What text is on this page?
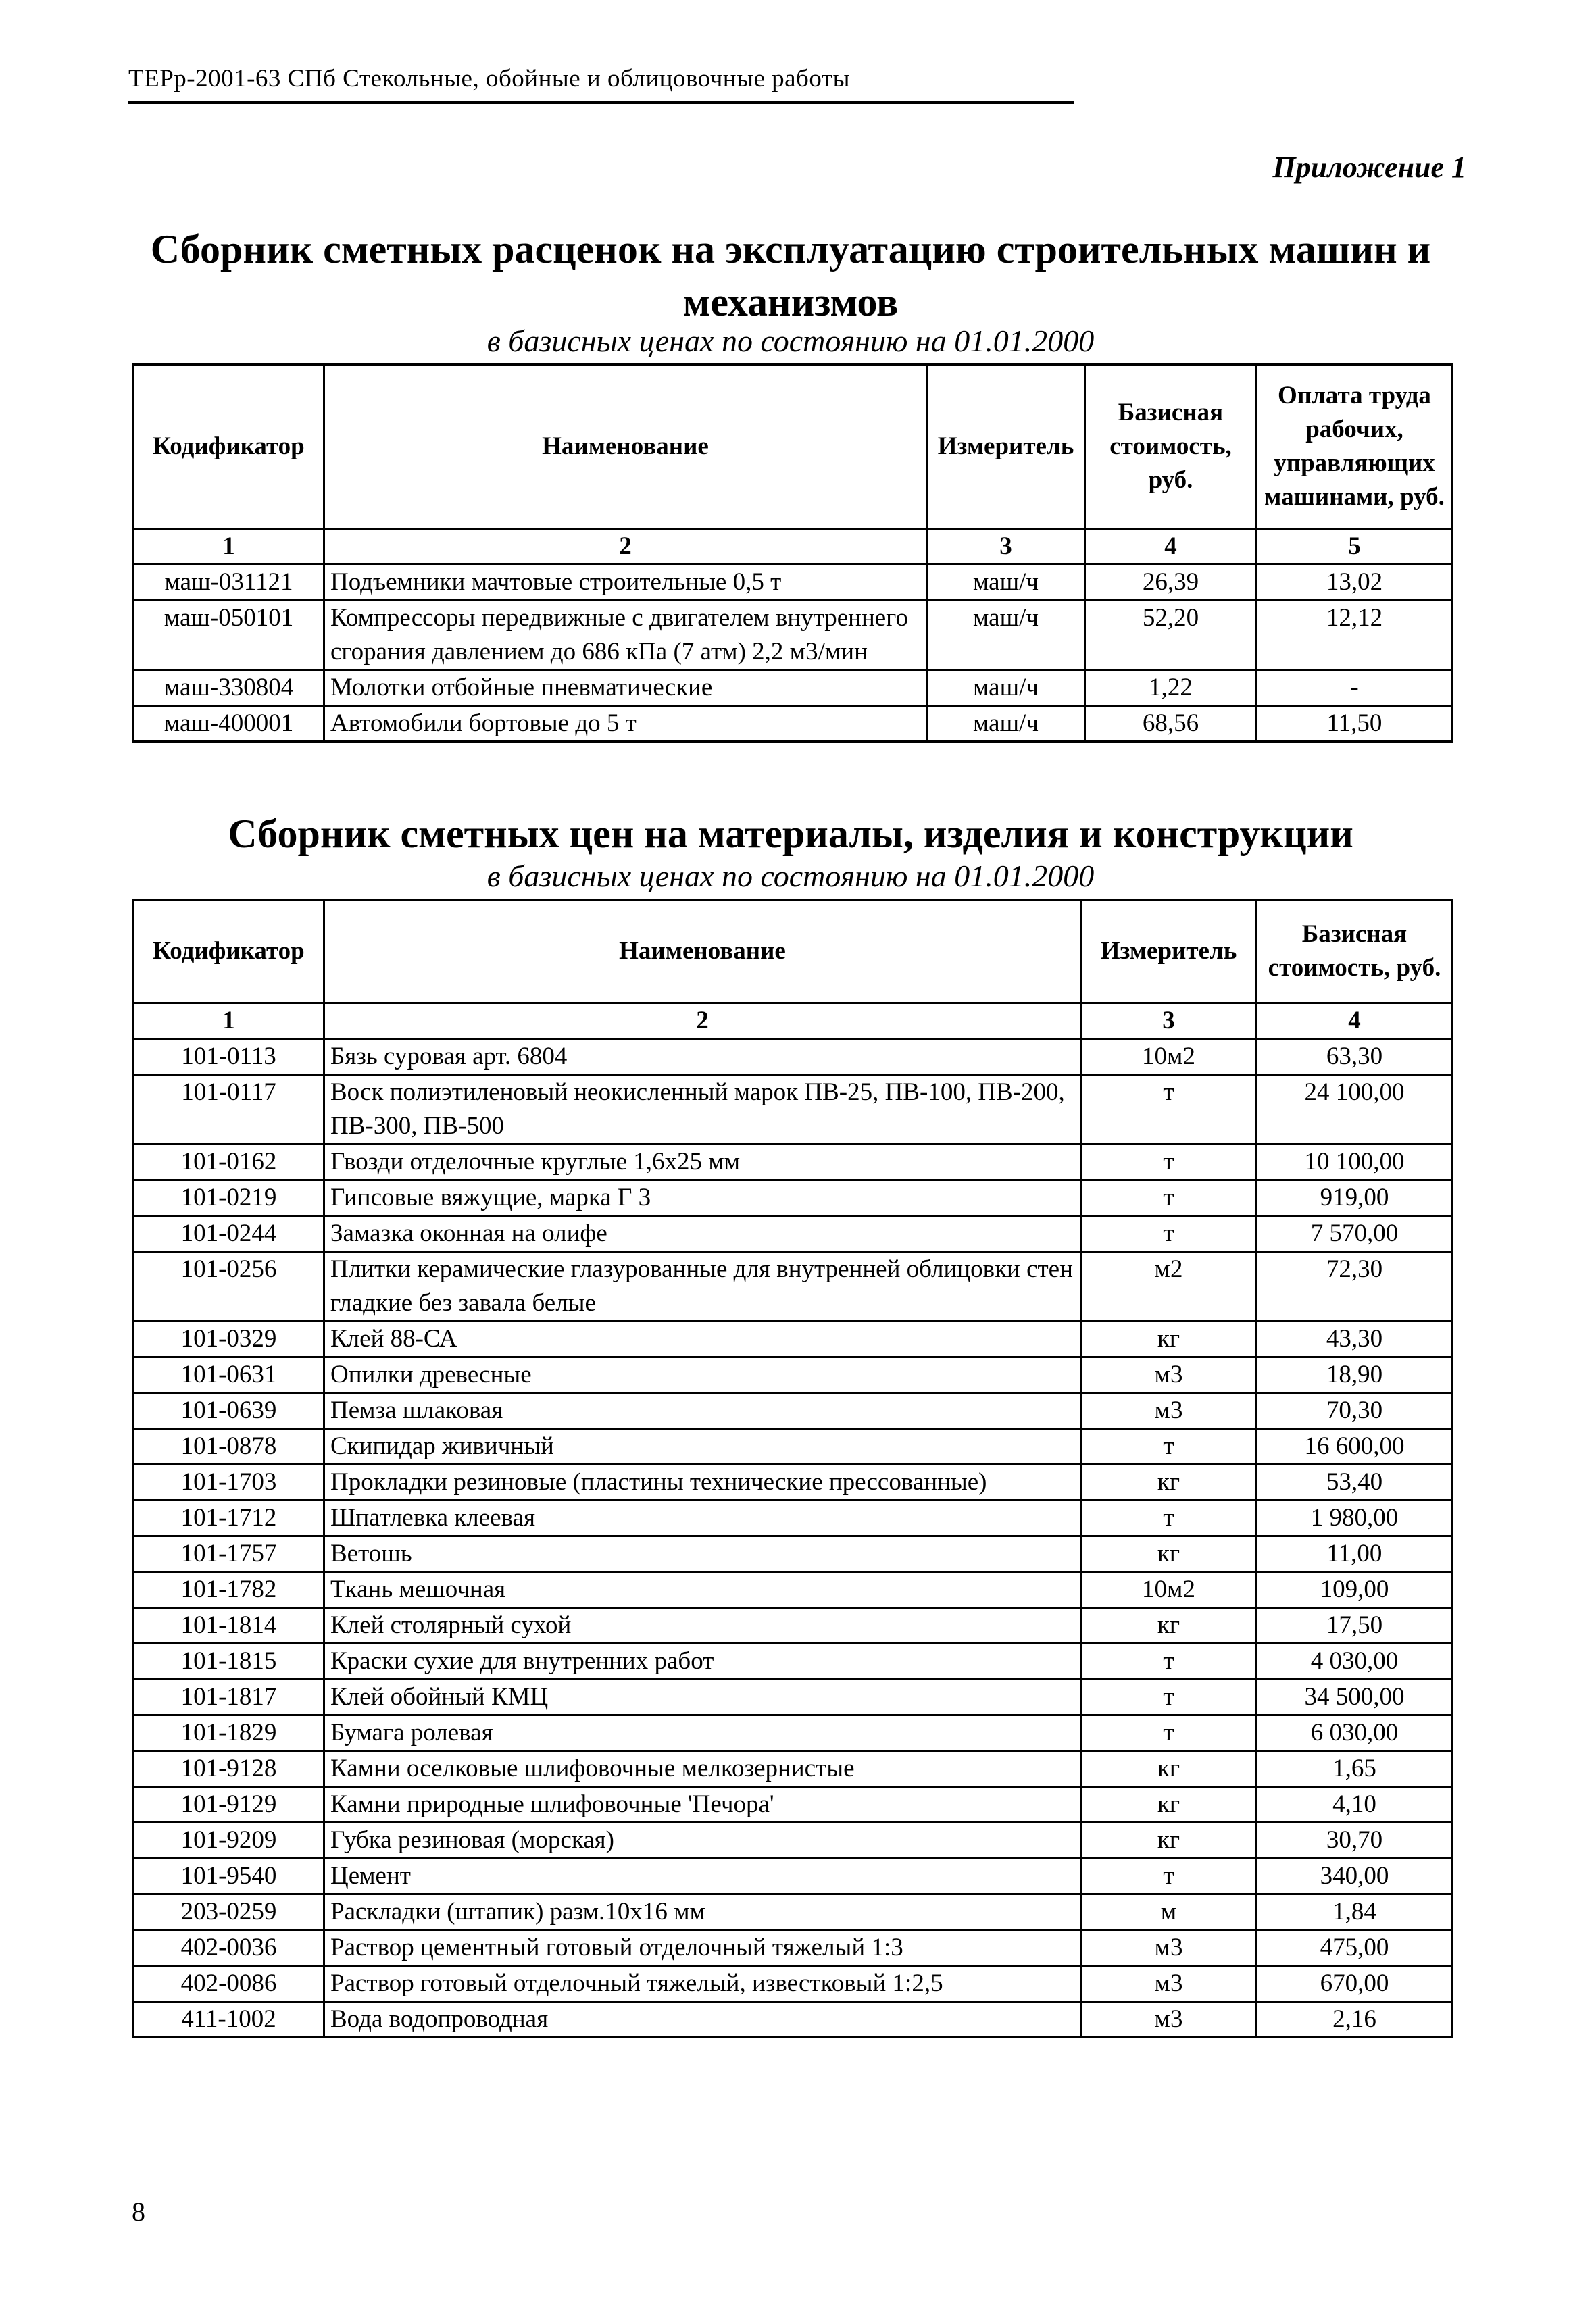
ТЕРр-2001-63 СПб Стекольные, обойные и облицовочные работы
Приложение 1
Сборник сметных расценок на эксплуатацию строительных машин и механизмов
в базисных ценах по состоянию на 01.01.2000
Кодификатор	Наименование	Измеритель	Базисная стоимость, руб.	Оплата труда рабочих, управляющих машинами, руб.
1	2	3	4	5
маш-031121	Подъемники мачтовые строительные 0,5 т	маш/ч	26,39	13,02
маш-050101	Компрессоры передвижные с двигателем внутреннего сгорания давлением до 686 кПа (7 атм) 2,2 м3/мин	маш/ч	52,20	12,12
маш-330804	Молотки отбойные пневматические	маш/ч	1,22	-
маш-400001	Автомобили бортовые до 5 т	маш/ч	68,56	11,50
Сборник сметных цен на материалы, изделия и конструкции
в базисных ценах по состоянию на 01.01.2000
Кодификатор	Наименование	Измеритель	Базисная стоимость, руб.
1	2	3	4
101-0113	Бязь суровая арт. 6804	10м2	63,30
101-0117	Воск полиэтиленовый неокисленный марок ПВ-25, ПВ-100, ПВ-200, ПВ-300, ПВ-500	т	24 100,00
101-0162	Гвозди отделочные круглые 1,6х25 мм	т	10 100,00
101-0219	Гипсовые вяжущие, марка Г 3	т	919,00
101-0244	Замазка оконная на олифе	т	7 570,00
101-0256	Плитки керамические глазурованные для внутренней облицовки стен гладкие без завала белые	м2	72,30
101-0329	Клей 88-СА	кг	43,30
101-0631	Опилки древесные	м3	18,90
101-0639	Пемза шлаковая	м3	70,30
101-0878	Скипидар живичный	т	16 600,00
101-1703	Прокладки резиновые (пластины технические прессованные)	кг	53,40
101-1712	Шпатлевка клеевая	т	1 980,00
101-1757	Ветошь	кг	11,00
101-1782	Ткань мешочная	10м2	109,00
101-1814	Клей столярный сухой	кг	17,50
101-1815	Краски сухие для внутренних работ	т	4 030,00
101-1817	Клей обойный КМЦ	т	34 500,00
101-1829	Бумага ролевая	т	6 030,00
101-9128	Камни оселковые шлифовочные мелкозернистые	кг	1,65
101-9129	Камни природные шлифовочные 'Печора'	кг	4,10
101-9209	Губка резиновая (морская)	кг	30,70
101-9540	Цемент	т	340,00
203-0259	Раскладки (штапик) разм.10х16 мм	м	1,84
402-0036	Раствор цементный готовый отделочный тяжелый 1:3	м3	475,00
402-0086	Раствор готовый отделочный тяжелый, известковый 1:2,5	м3	670,00
411-1002	Вода водопроводная	м3	2,16
8
